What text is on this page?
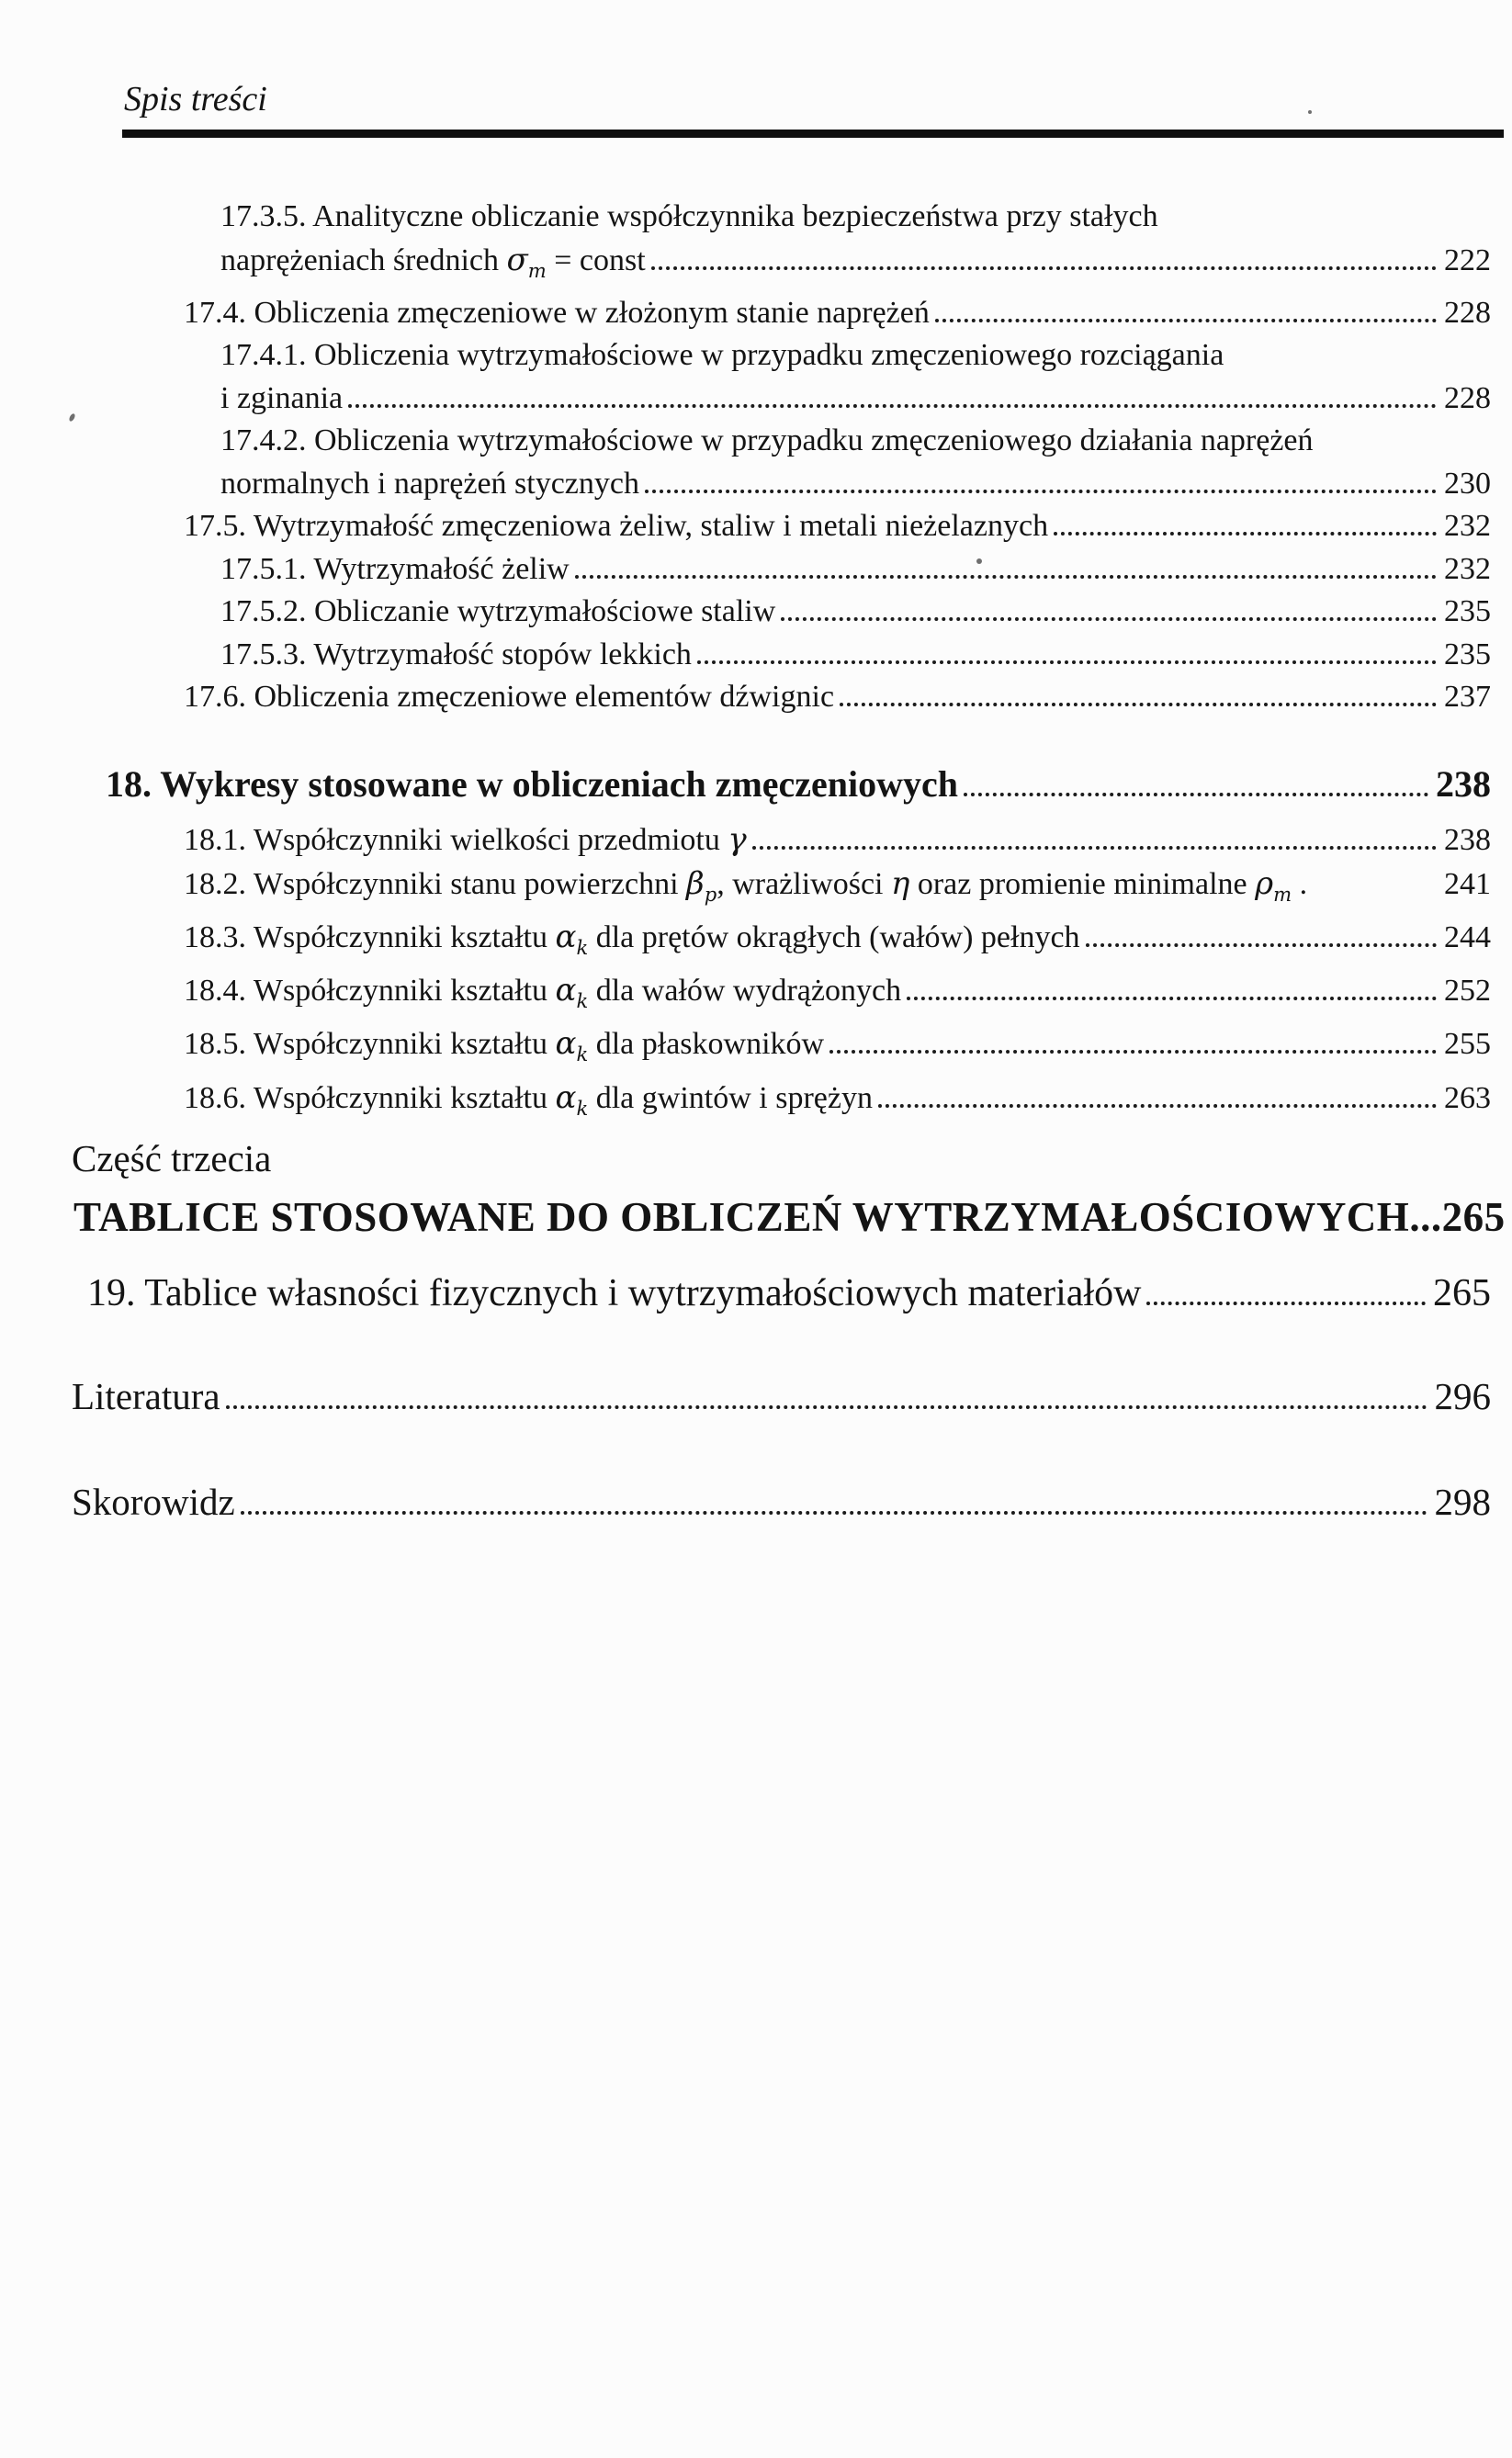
Spis treści
17.3.5. Analityczne obliczanie współczynnika bezpieczeństwa przy stałych
naprężeniach średnich $\sigma_m$ = const	222
17.4. Obliczenia zmęczeniowe w złożonym stanie naprężeń	228
17.4.1. Obliczenia wytrzymałościowe w przypadku zmęczeniowego rozciągania
i zginania	228
17.4.2. Obliczenia wytrzymałościowe w przypadku zmęczeniowego działania naprężeń
normalnych i naprężeń stycznych	230
17.5. Wytrzymałość zmęczeniowa żeliw, staliw i metali nieżelaznych	232
17.5.1. Wytrzymałość żeliw	232
17.5.2. Obliczanie wytrzymałościowe staliw	235
17.5.3. Wytrzymałość stopów lekkich	235
17.6. Obliczenia zmęczeniowe elementów dźwignic	237
18. Wykresy stosowane w obliczeniach zmęczeniowych	238
18.1. Współczynniki wielkości przedmiotu γ	238
18.2. Współczynniki stanu powierzchni $\beta_p$, wrażliwości η oraz promienie minimalne $\rho_m$ .	241
18.3. Współczynniki kształtu $\alpha_k$ dla prętów okrągłych (wałów) pełnych	244
18.4. Współczynniki kształtu $\alpha_k$ dla wałów wydrążonych	252
18.5. Współczynniki kształtu $\alpha_k$ dla płaskowników	255
18.6. Współczynniki kształtu $\alpha_k$ dla gwintów i sprężyn	263
Część trzecia
TABLICE STOSOWANE DO OBLICZEŃ WYTRZYMAŁOŚCIOWYCH...265
19. Tablice własności fizycznych i wytrzymałościowych materiałów	265
Literatura	296
Skorowidz	298
